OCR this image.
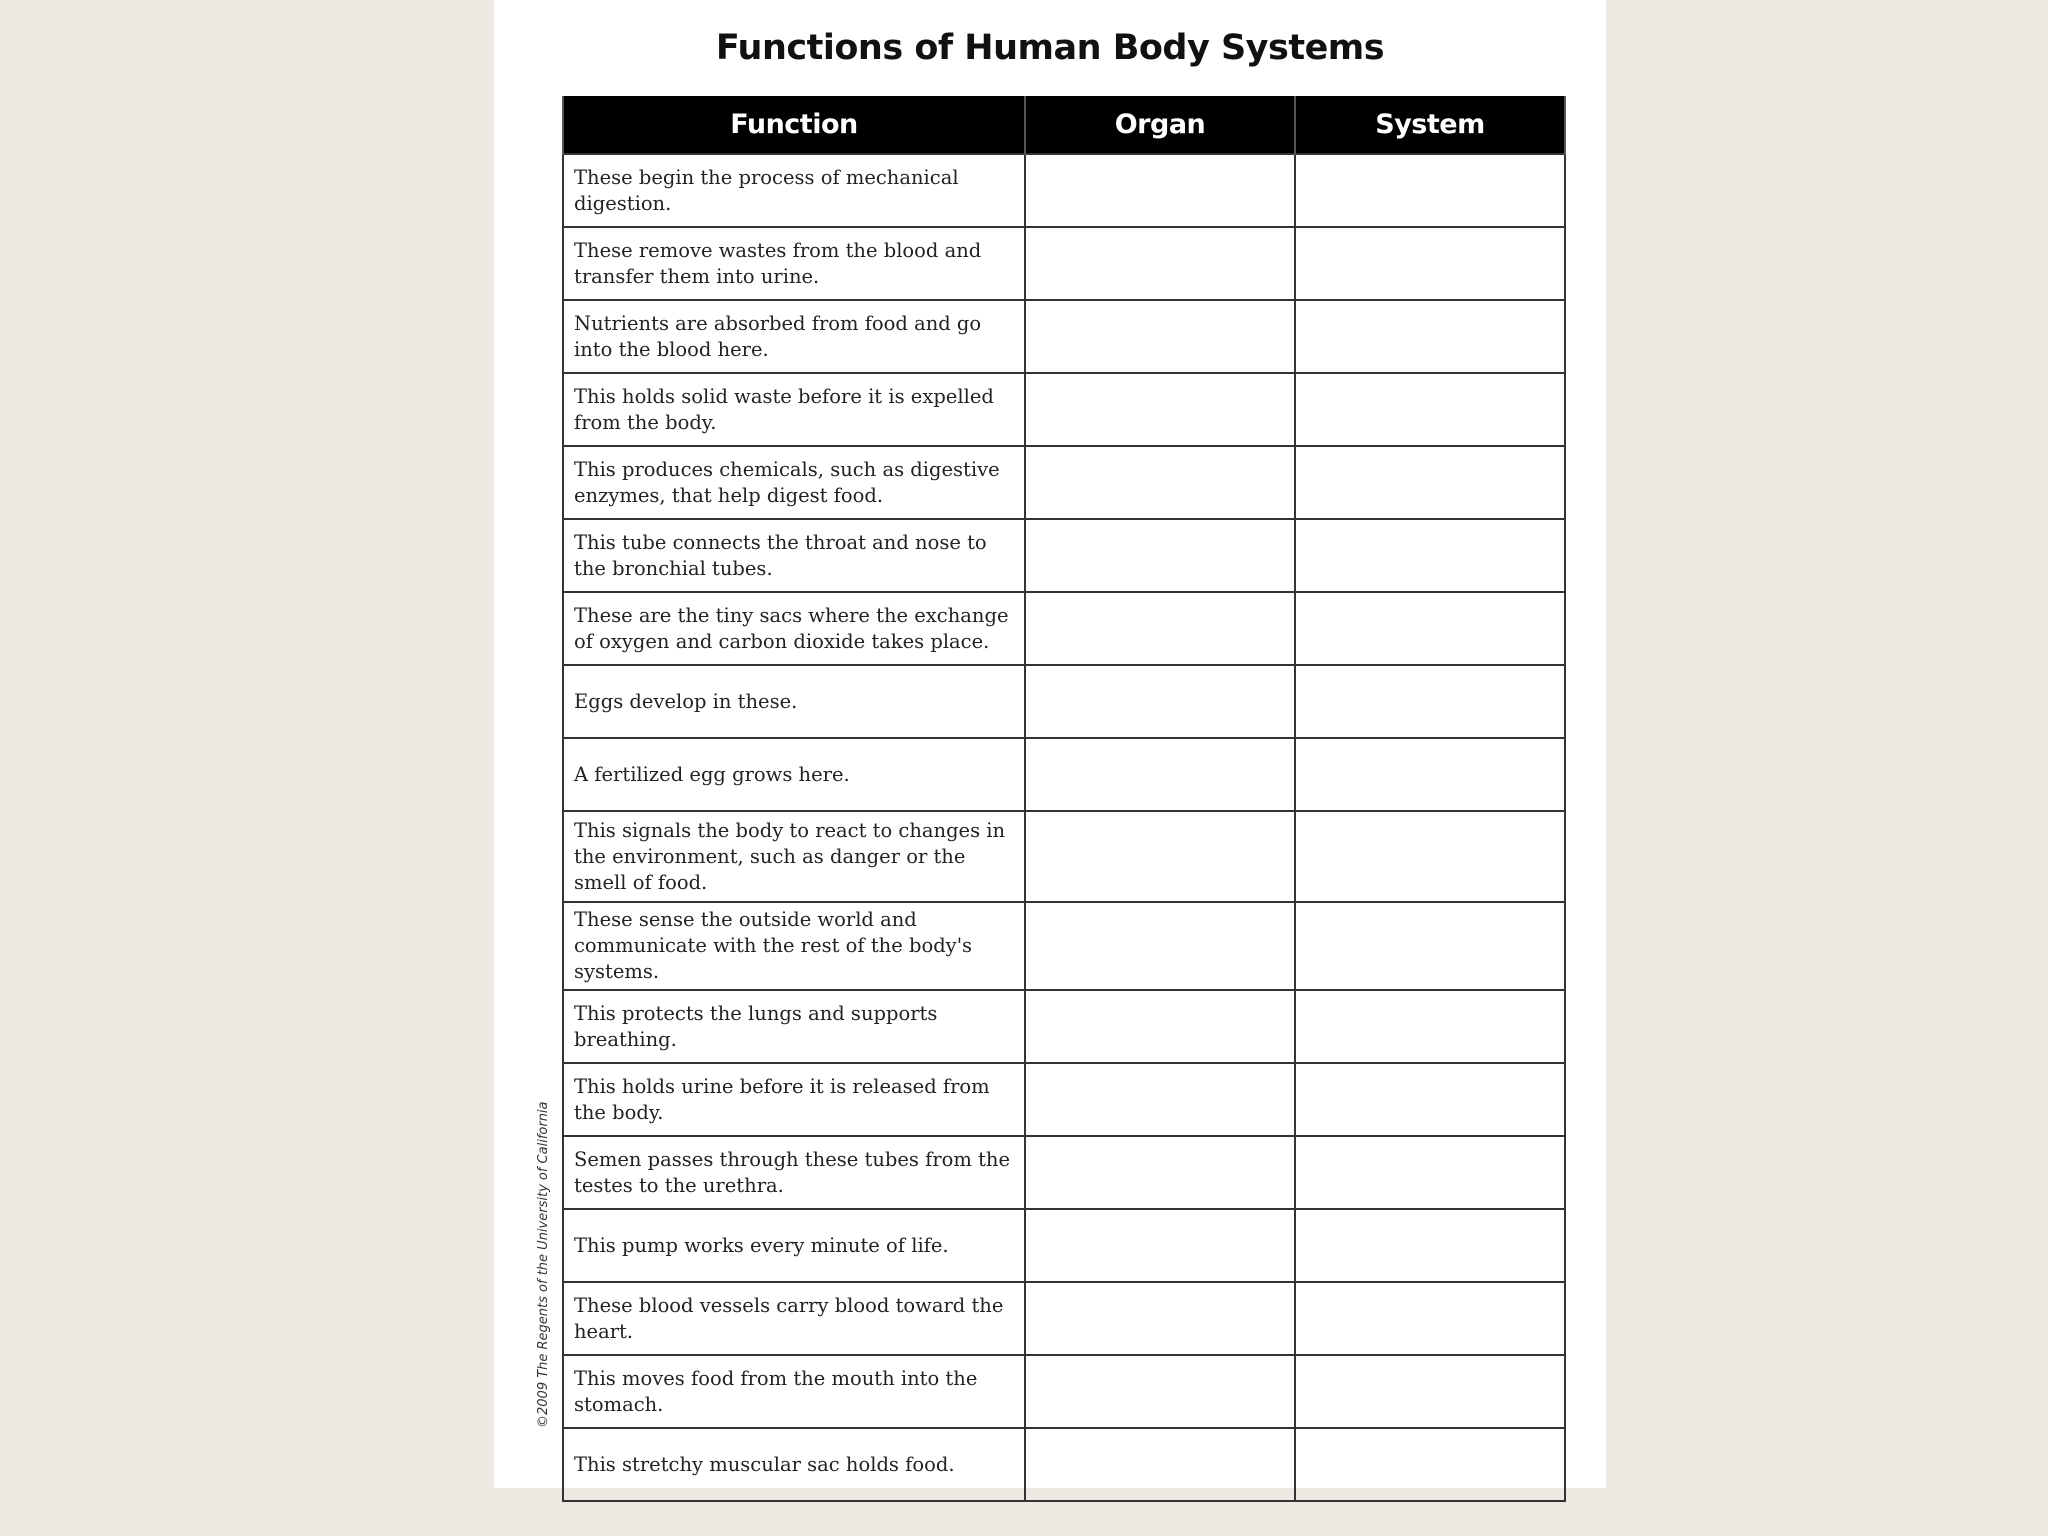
Functions of Human Body Systems
Function	Organ	System
These begin the process of mechanical digestion.		
These remove wastes from the blood and transfer them into urine.		
Nutrients are absorbed from food and go into the blood here.		
This holds solid waste before it is expelled from the body.		
This produces chemicals, such as digestive enzymes, that help digest food.		
This tube connects the throat and nose to the bronchial tubes.		
These are the tiny sacs where the exchange of oxygen and carbon dioxide takes place.		
Eggs develop in these.		
A fertilized egg grows here.		
This signals the body to react to changes in the environment, such as danger or the smell of food.		
These sense the outside world and communicate with the rest of the body's systems.		
This protects the lungs and supports breathing.		
This holds urine before it is released from the body.		
Semen passes through these tubes from the testes to the urethra.		
This pump works every minute of life.		
These blood vessels carry blood toward the heart.		
This moves food from the mouth into the stomach.		
This stretchy muscular sac holds food.		
©2009 The Regents of the University of California
